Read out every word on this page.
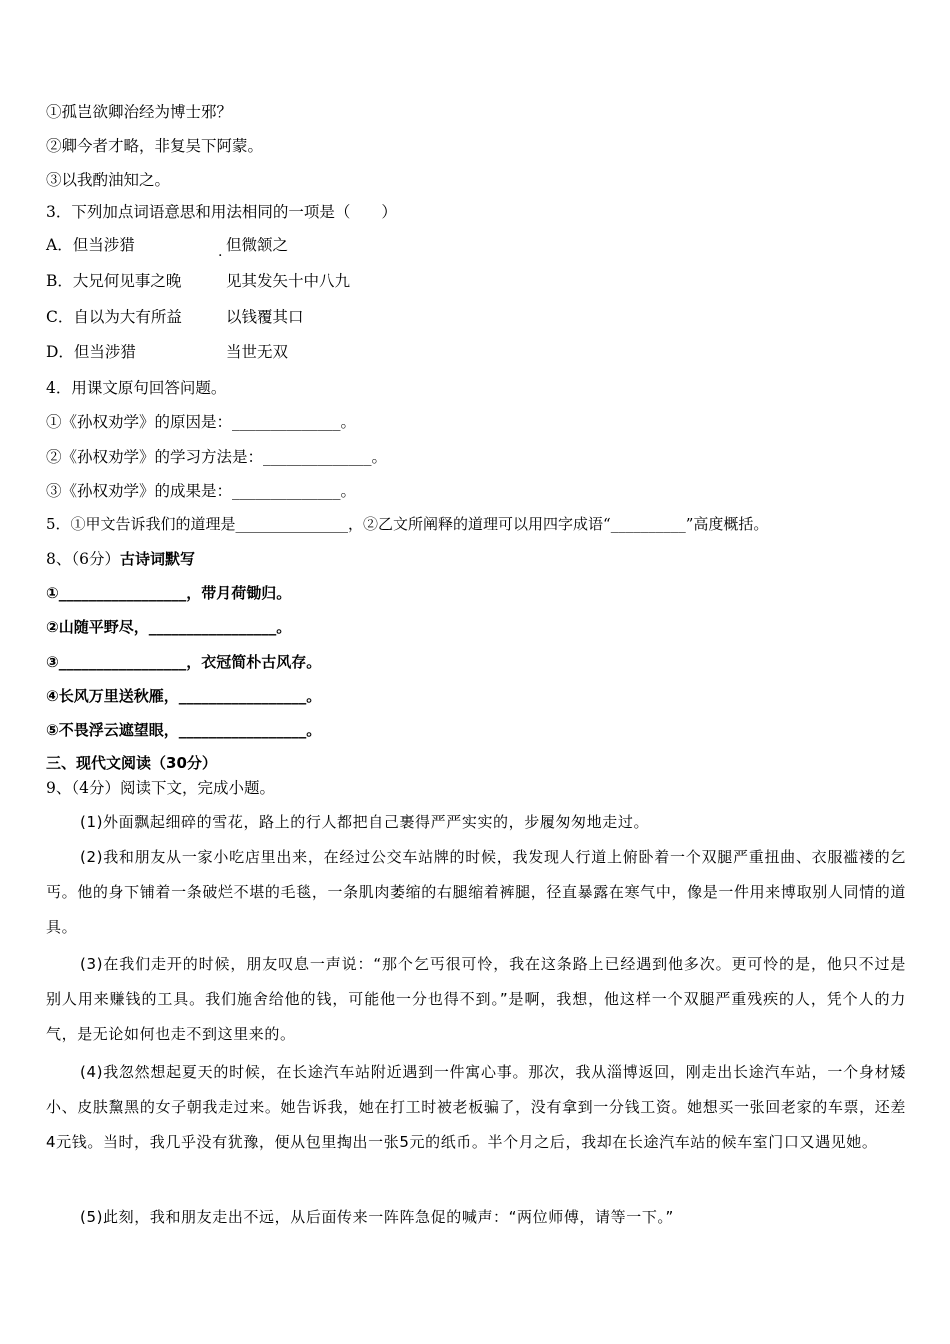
①孤岂欲卿治经为博士邪？
②卿今者才略，非复吴下阿蒙。
③以我酌油知之。
3．下列加点词语意思和用法相同的一项是（　　）
A．但当涉猎	. 但微颔之
B．大兄何见事之晚	见其发矢十中八九
C．自以为大有所益	以钱覆其口
D．但当涉猎	当世无双
4．用课文原句回答问题。
①《孙权劝学》的原因是：______________。
②《孙权劝学》的学习方法是：______________。
③《孙权劝学》的成果是：______________。
5．①甲文告诉我们的道理是_______________，②乙文所阐释的道理可以用四字成语“__________”高度概括。
8、（6分）古诗词默写
①_________________，带月荷锄归。
②山随平野尽，_________________。
③_________________，衣冠简朴古风存。
④长风万里送秋雁，_________________。
⑤不畏浮云遮望眼，_________________。
三、现代文阅读（30分）
9、（4分）阅读下文，完成小题。
(1)外面飘起细碎的雪花，路上的行人都把自己裹得严严实实的，步履匆匆地走过。
(2)我和朋友从一家小吃店里出来，在经过公交车站牌的时候，我发现人行道上俯卧着一个双腿严重扭曲、衣服褴褛的乞丐。他的身下铺着一条破烂不堪的毛毯，一条肌肉萎缩的右腿缩着裤腿，径直暴露在寒气中，像是一件用来博取别人同情的道具。
(3)在我们走开的时候，朋友叹息一声说：“那个乞丐很可怜，我在这条路上已经遇到他多次。更可怜的是，他只不过是别人用来赚钱的工具。我们施舍给他的钱，可能他一分也得不到。”是啊，我想，他这样一个双腿严重残疾的人，凭个人的力气，是无论如何也走不到这里来的。
(4)我忽然想起夏天的时候，在长途汽车站附近遇到一件寓心事。那次，我从淄博返回，刚走出长途汽车站，一个身材矮小、皮肤黧黑的女子朝我走过来。她告诉我，她在打工时被老板骗了，没有拿到一分钱工资。她想买一张回老家的车票，还差4元钱。当时，我几乎没有犹豫，便从包里掏出一张5元的纸币。半个月之后，我却在长途汽车站的候车室门口又遇见她。
(5)此刻，我和朋友走出不远，从后面传来一阵阵急促的喊声：“两位师傅，请等一下。”
